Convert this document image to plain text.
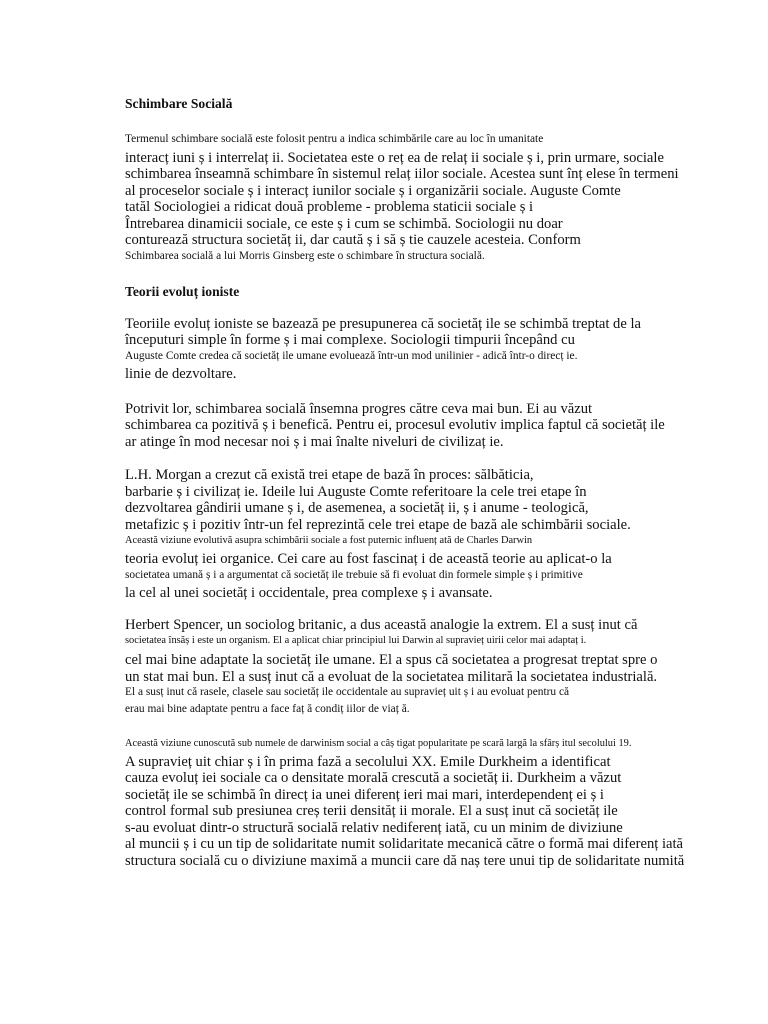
Schimbare Socială
Termenul schimbare socială este folosit pentru a indica schimbările care au loc în umanitate
interacț iuni ș i interrelaț ii. Societatea este o reț ea de relaț ii sociale ș i, prin urmare, sociale
schimbarea înseamnă schimbare în sistemul relaț iilor sociale. Acestea sunt înț elese în termeni
al proceselor sociale ș i interacț iunilor sociale ș i organizării sociale. Auguste Comte
tatăl Sociologiei a ridicat două probleme - problema staticii sociale ș i
Întrebarea dinamicii sociale, ce este ș i cum se schimbă. Sociologii nu doar
conturează structura societăț ii, dar caută ș i să ș tie cauzele acesteia. Conform
Schimbarea socială a lui Morris Ginsberg este o schimbare în structura socială.
Teorii evoluț ioniste
Teoriile evoluț ioniste se bazează pe presupunerea că societăț ile se schimbă treptat de la
începuturi simple în forme ș i mai complexe. Sociologii timpurii începând cu
Auguste Comte credea că societăț ile umane evoluează într-un mod unilinier - adică într-o direcț ie.
linie de dezvoltare.
Potrivit lor, schimbarea socială însemna progres către ceva mai bun. Ei au văzut
schimbarea ca pozitivă ș i benefică. Pentru ei, procesul evolutiv implica faptul că societăț ile
ar atinge în mod necesar noi ș i mai înalte niveluri de civilizaț ie.
L.H. Morgan a crezut că există trei etape de bază în proces: sălbăticia,
barbarie ș i civilizaț ie. Ideile lui Auguste Comte referitoare la cele trei etape în
dezvoltarea gândirii umane ș i, de asemenea, a societăț ii, ș i anume - teologică,
metafizic ș i pozitiv într-un fel reprezintă cele trei etape de bază ale schimbării sociale.
Această viziune evolutivă asupra schimbării sociale a fost puternic influenț ată de Charles Darwin
teoria evoluț iei organice. Cei care au fost fascinaț i de această teorie au aplicat-o la
societatea umană ș i a argumentat că societăț ile trebuie să fi evoluat din formele simple ș i primitive
la cel al unei societăț i occidentale, prea complexe ș i avansate.
Herbert Spencer, un sociolog britanic, a dus această analogie la extrem. El a susț inut că
societatea însăș i este un organism. El a aplicat chiar principiul lui Darwin al supravieț uirii celor mai adaptaț i.
cel mai bine adaptate la societăț ile umane. El a spus că societatea a progresat treptat spre o
un stat mai bun. El a susț inut că a evoluat de la societatea militară la societatea industrială.
El a susț inut că rasele, clasele sau societăț ile occidentale au supravieț uit ș i au evoluat pentru că
erau mai bine adaptate pentru a face faț ă condiț iilor de viaț ă.
Această viziune cunoscută sub numele de darwinism social a câș tigat popularitate pe scară largă la sfârș itul secolului 19.
A supravieț uit chiar ș i în prima fază a secolului XX. Emile Durkheim a identificat
cauza evoluț iei sociale ca o densitate morală crescută a societăț ii. Durkheim a văzut
societăț ile se schimbă în direcț ia unei diferenț ieri mai mari, interdependenț ei ș i
control formal sub presiunea creș terii densităț ii morale. El a susț inut că societăț ile
s-au evoluat dintr-o structură socială relativ nediferenț iată, cu un minim de diviziune
al muncii ș i cu un tip de solidaritate numit solidaritate mecanică către o formă mai diferenț iată
structura socială cu o diviziune maximă a muncii care dă naș tere unui tip de solidaritate numită
